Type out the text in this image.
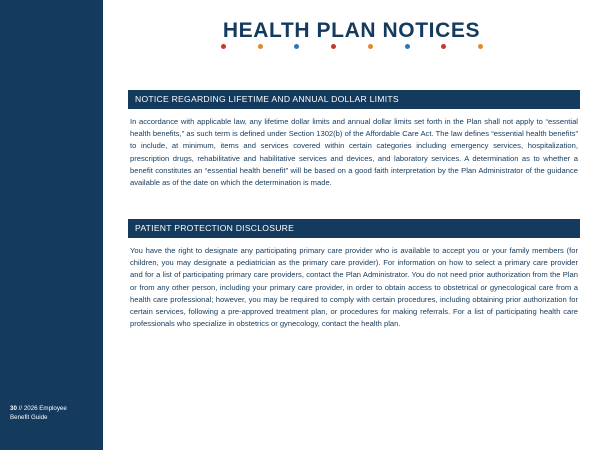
HEALTH PLAN NOTICES
NOTICE REGARDING LIFETIME AND ANNUAL DOLLAR LIMITS
In accordance with applicable law, any lifetime dollar limits and annual dollar limits set forth in the Plan shall not apply to “essential health benefits,” as such term is defined under Section 1302(b) of the Affordable Care Act. The law defines “essential health benefits” to include, at minimum, items and services covered within certain categories including emergency services, hospitalization, prescription drugs, rehabilitative and habilitative services and devices, and laboratory services. A determination as to whether a benefit constitutes an “essential health benefit” will be based on a good faith interpretation by the Plan Administrator of the guidance available as of the date on which the determination is made.
PATIENT PROTECTION DISCLOSURE
You have the right to designate any participating primary care provider who is available to accept you or your family members (for children, you may designate a pediatrician as the primary care provider). For information on how to select a primary care provider and for a list of participating primary care providers, contact the Plan Administrator. You do not need prior authorization from the Plan or from any other person, including your primary care provider, in order to obtain access to obstetrical or gynecological care from a health care professional; however, you may be required to comply with certain procedures, including obtaining prior authorization for certain services, following a pre-approved treatment plan, or procedures for making referrals. For a list of participating health care professionals who specialize in obstetrics or gynecology, contact the health plan.
30 // 2026 Employee
Benefit Guide
